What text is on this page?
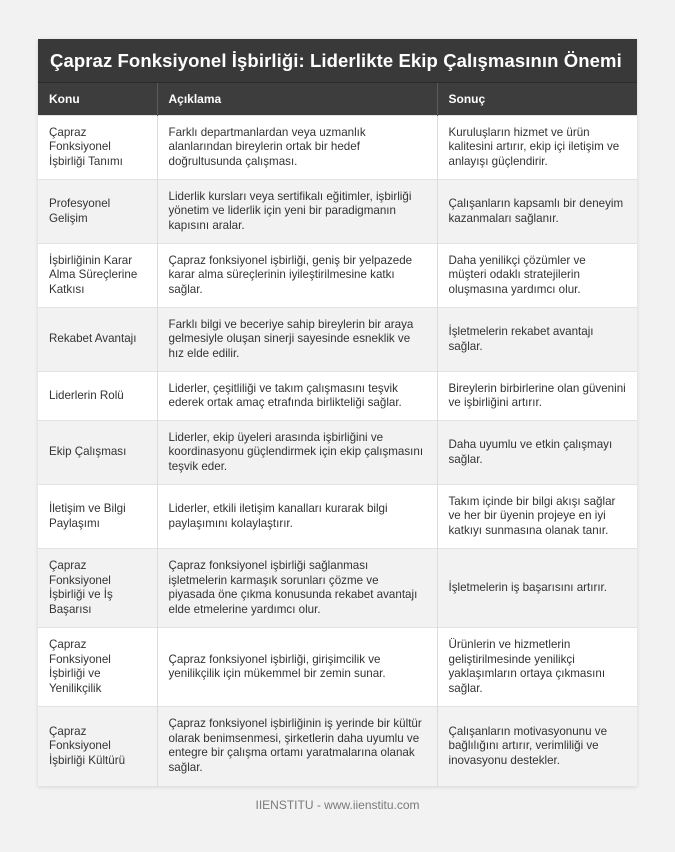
Çapraz Fonksiyonel İşbirliği: Liderlikte Ekip Çalışmasının Önemi
Konu	Açıklama	Sonuç
Çapraz Fonksiyonel İşbirliği Tanımı	Farklı departmanlardan veya uzmanlık alanlarından bireylerin ortak bir hedef doğrultusunda çalışması.	Kuruluşların hizmet ve ürün kalitesini artırır, ekip içi iletişim ve anlayışı güçlendirir.
Profesyonel Gelişim	Liderlik kursları veya sertifikalı eğitimler, işbirliği yönetim ve liderlik için yeni bir paradigmanın kapısını aralar.	Çalışanların kapsamlı bir deneyim kazanmaları sağlanır.
İşbirliğinin Karar Alma Süreçlerine Katkısı	Çapraz fonksiyonel işbirliği, geniş bir yelpazede karar alma süreçlerinin iyileştirilmesine katkı sağlar.	Daha yenilikçi çözümler ve müşteri odaklı stratejilerin oluşmasına yardımcı olur.
Rekabet Avantajı	Farklı bilgi ve beceriye sahip bireylerin bir araya gelmesiyle oluşan sinerji sayesinde esneklik ve hız elde edilir.	İşletmelerin rekabet avantajı sağlar.
Liderlerin Rolü	Liderler, çeşitliliği ve takım çalışmasını teşvik ederek ortak amaç etrafında birlikteliği sağlar.	Bireylerin birbirlerine olan güvenini ve işbirliğini artırır.
Ekip Çalışması	Liderler, ekip üyeleri arasında işbirliğini ve koordinasyonu güçlendirmek için ekip çalışmasını teşvik eder.	Daha uyumlu ve etkin çalışmayı sağlar.
İletişim ve Bilgi Paylaşımı	Liderler, etkili iletişim kanalları kurarak bilgi paylaşımını kolaylaştırır.	Takım içinde bir bilgi akışı sağlar ve her bir üyenin projeye en iyi katkıyı sunmasına olanak tanır.
Çapraz Fonksiyonel İşbirliği ve İş Başarısı	Çapraz fonksiyonel işbirliği sağlanması işletmelerin karmaşık sorunları çözme ve piyasada öne çıkma konusunda rekabet avantajı elde etmelerine yardımcı olur.	İşletmelerin iş başarısını artırır.
Çapraz Fonksiyonel İşbirliği ve Yenilikçilik	Çapraz fonksiyonel işbirliği, girişimcilik ve yenilikçilik için mükemmel bir zemin sunar.	Ürünlerin ve hizmetlerin geliştirilmesinde yenilikçi yaklaşımların ortaya çıkmasını sağlar.
Çapraz Fonksiyonel İşbirliği Kültürü	Çapraz fonksiyonel işbirliğinin iş yerinde bir kültür olarak benimsenmesi, şirketlerin daha uyumlu ve entegre bir çalışma ortamı yaratmalarına olanak sağlar.	Çalışanların motivasyonunu ve bağlılığını artırır, verimliliği ve inovasyonu destekler.
IIENSTITU - www.iienstitu.com
